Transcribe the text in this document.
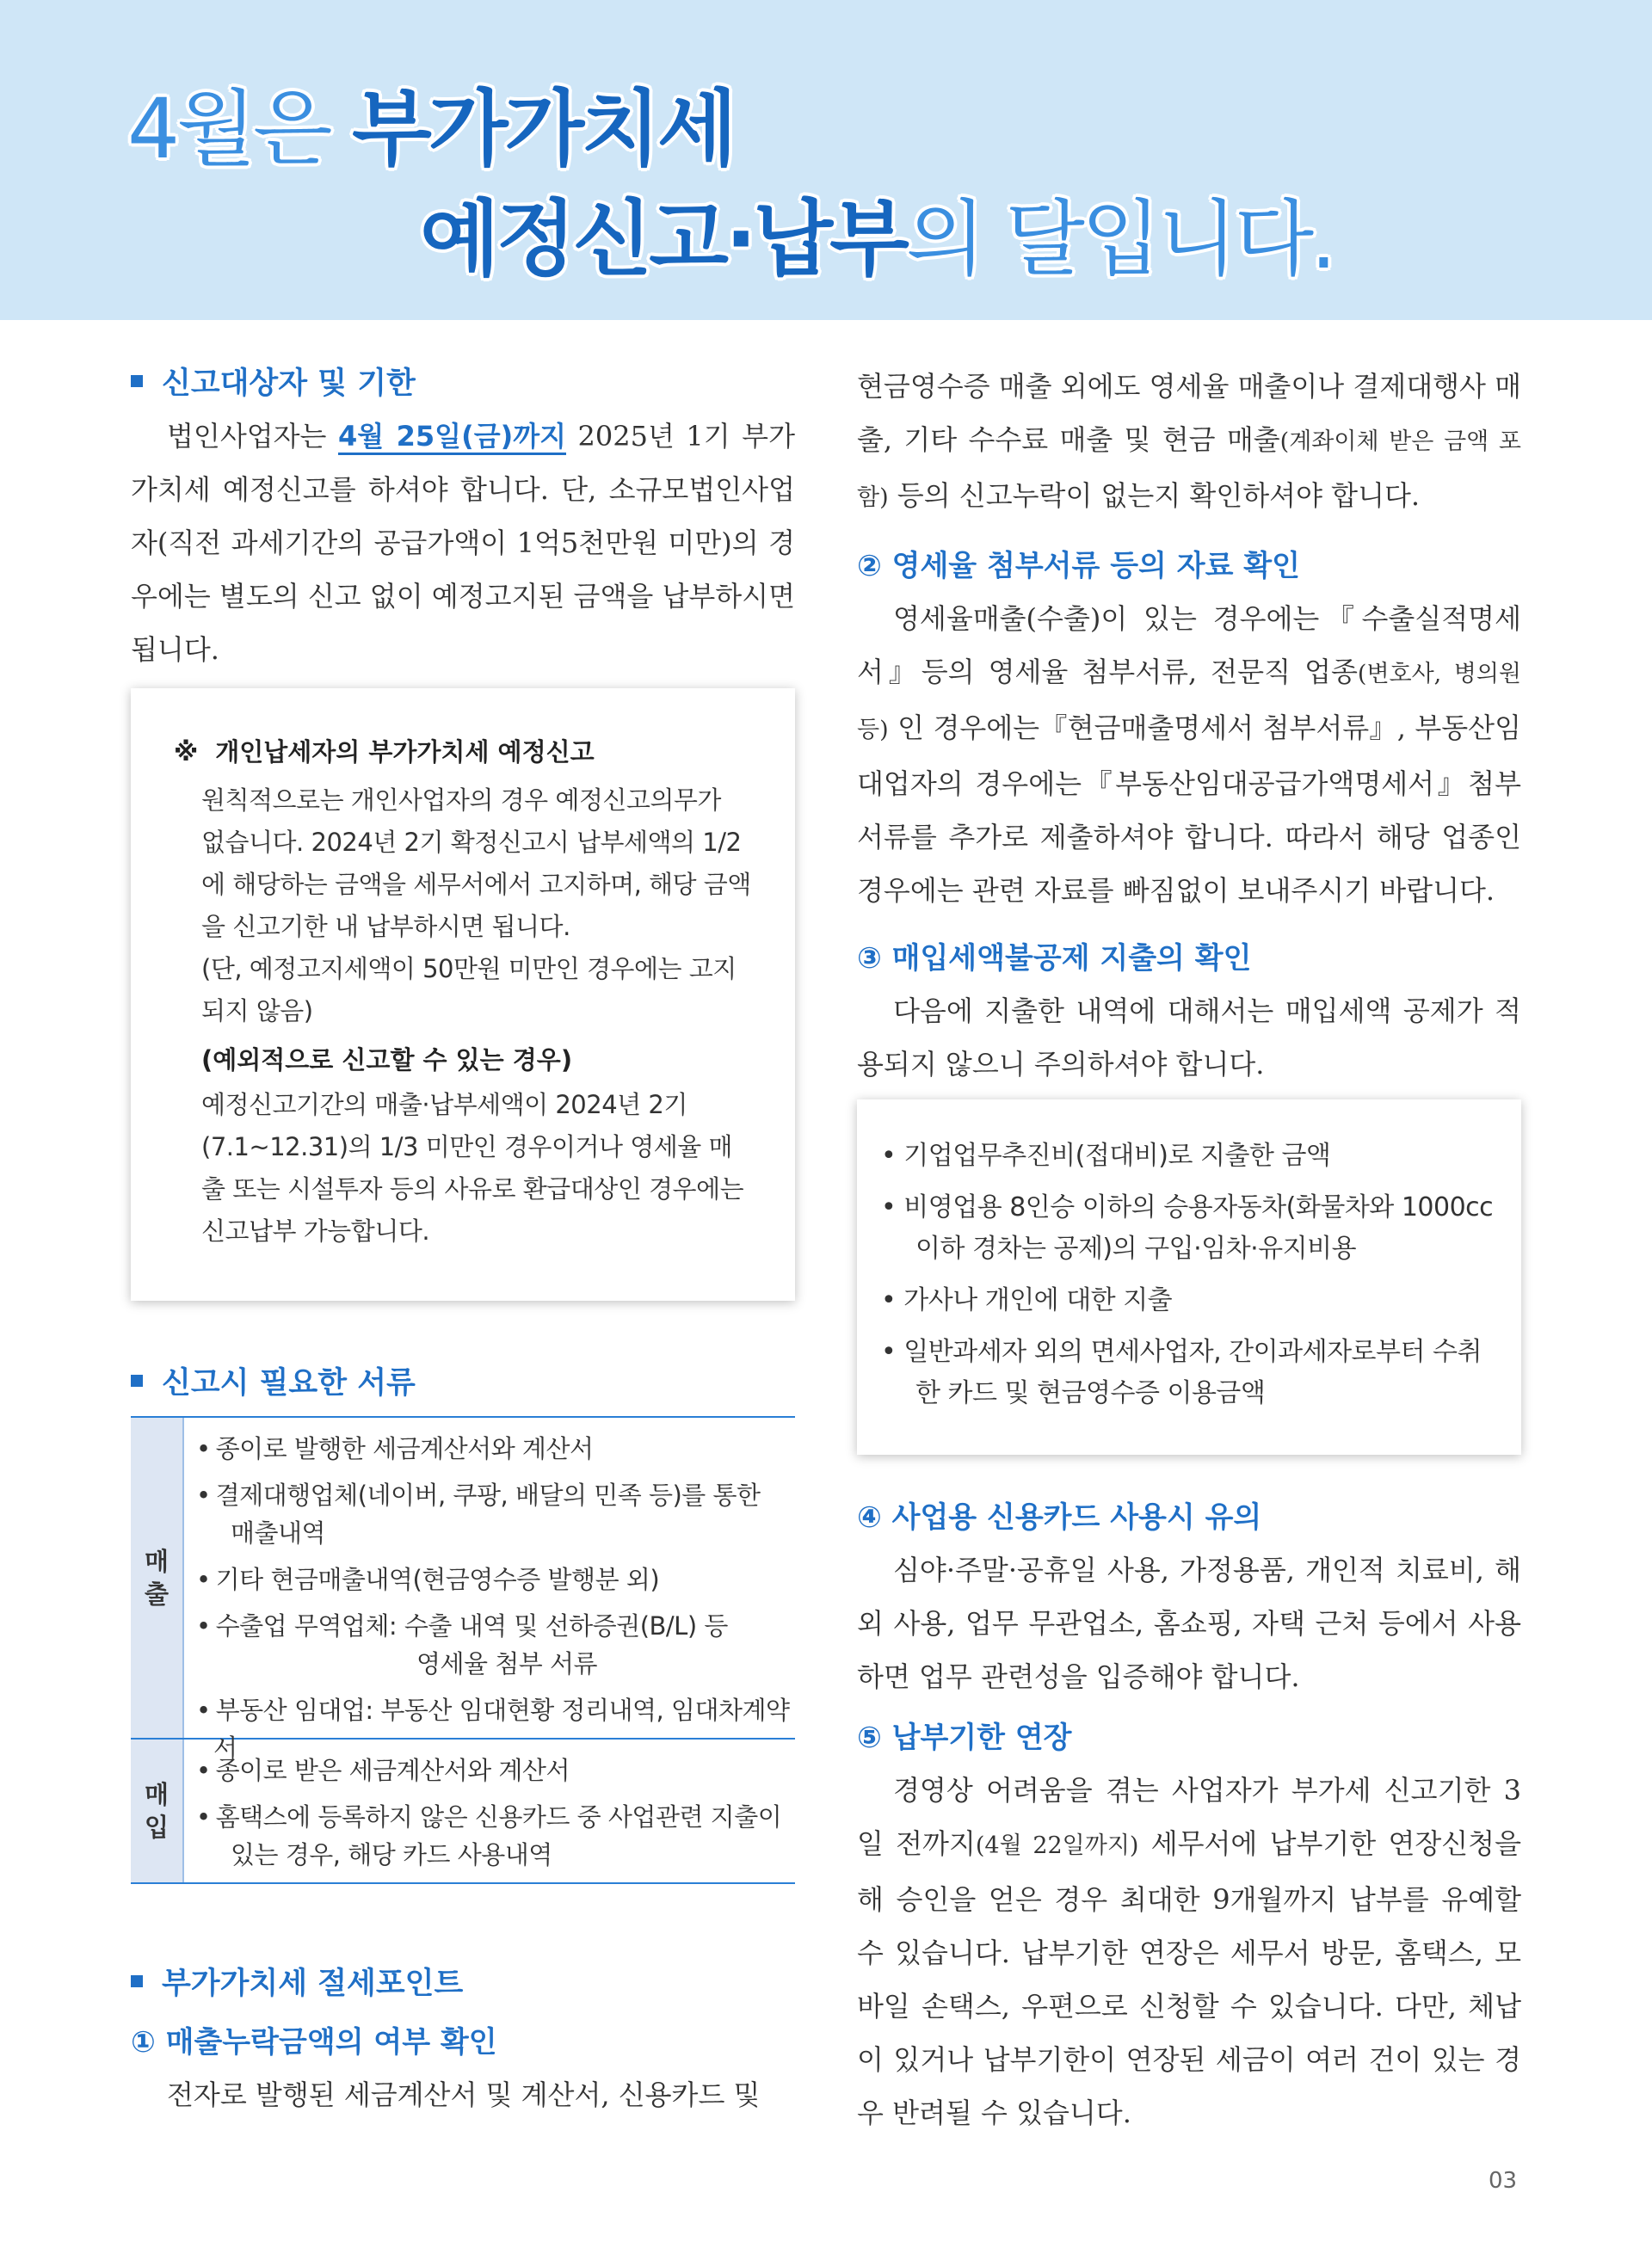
4월은 부가가치세
예정신고·납부의 달입니다.
신고대상자 및 기한
법인사업자는 4월 25일(금)까지 2025년 1기 부가가치세 예정신고를 하셔야 합니다. 단, 소규모법인사업자(직전 과세기간의 공급가액이 1억5천만원 미만)의 경우에는 별도의 신고 없이 예정고지된 금액을 납부하시면 됩니다.
※ 개인납세자의 부가가치세 예정신고
원칙적으로는 개인사업자의 경우 예정신고의무가 없습니다. 2024년 2기 확정신고시 납부세액의 1/2에 해당하는 금액을 세무서에서 고지하며, 해당 금액을 신고기한 내 납부하시면 됩니다.
(단, 예정고지세액이 50만원 미만인 경우에는 고지되지 않음)
(예외적으로 신고할 수 있는 경우)
예정신고기간의 매출·납부세액이 2024년 2기(7.1~12.31)의 1/3 미만인 경우이거나 영세율 매출 또는 시설투자 등의 사유로 환급대상인 경우에는 신고납부 가능합니다.
신고시 필요한 서류
매
출
• 종이로 발행한 세금계산서와 계산서
• 결제대행업체(네이버, 쿠팡, 배달의 민족 등)를 통한
매출내역
• 기타 현금매출내역(현금영수증 발행분 외)
• 수출업 무역업체: 수출 내역 및 선하증권(B/L) 등
영세율 첨부 서류
• 부동산 임대업: 부동산 임대현황 정리내역, 임대차계약서
매
입
• 종이로 받은 세금계산서와 계산서
• 홈택스에 등록하지 않은 신용카드 중 사업관련 지출이
있는 경우, 해당 카드 사용내역
부가가치세 절세포인트
① 매출누락금액의 여부 확인
전자로 발행된 세금계산서 및 계산서, 신용카드 및
현금영수증 매출 외에도 영세율 매출이나 결제대행사 매출, 기타 수수료 매출 및 현금 매출(계좌이체 받은 금액 포함) 등의 신고누락이 없는지 확인하셔야 합니다.
② 영세율 첨부서류 등의 자료 확인
영세율매출(수출)이 있는 경우에는『수출실적명세서』등의 영세율 첨부서류, 전문직 업종(변호사, 병의원 등) 인 경우에는『현금매출명세서 첨부서류』, 부동산임대업자의 경우에는『부동산임대공급가액명세서』첨부서류를 추가로 제출하셔야 합니다. 따라서 해당 업종인 경우에는 관련 자료를 빠짐없이 보내주시기 바랍니다.
③ 매입세액불공제 지출의 확인
다음에 지출한 내역에 대해서는 매입세액 공제가 적용되지 않으니 주의하셔야 합니다.
• 기업업무추진비(접대비)로 지출한 금액
• 비영업용 8인승 이하의 승용자동차(화물차와 1000cc
이하 경차는 공제)의 구입·임차·유지비용
• 가사나 개인에 대한 지출
• 일반과세자 외의 면세사업자, 간이과세자로부터 수취
한 카드 및 현금영수증 이용금액
④ 사업용 신용카드 사용시 유의
심야·주말·공휴일 사용, 가정용품, 개인적 치료비, 해외 사용, 업무 무관업소, 홈쇼핑, 자택 근처 등에서 사용하면 업무 관련성을 입증해야 합니다.
⑤ 납부기한 연장
경영상 어려움을 겪는 사업자가 부가세 신고기한 3일 전까지(4월 22일까지) 세무서에 납부기한 연장신청을 해 승인을 얻은 경우 최대한 9개월까지 납부를 유예할 수 있습니다. 납부기한 연장은 세무서 방문, 홈택스, 모바일 손택스, 우편으로 신청할 수 있습니다. 다만, 체납이 있거나 납부기한이 연장된 세금이 여러 건이 있는 경우 반려될 수 있습니다.
03
